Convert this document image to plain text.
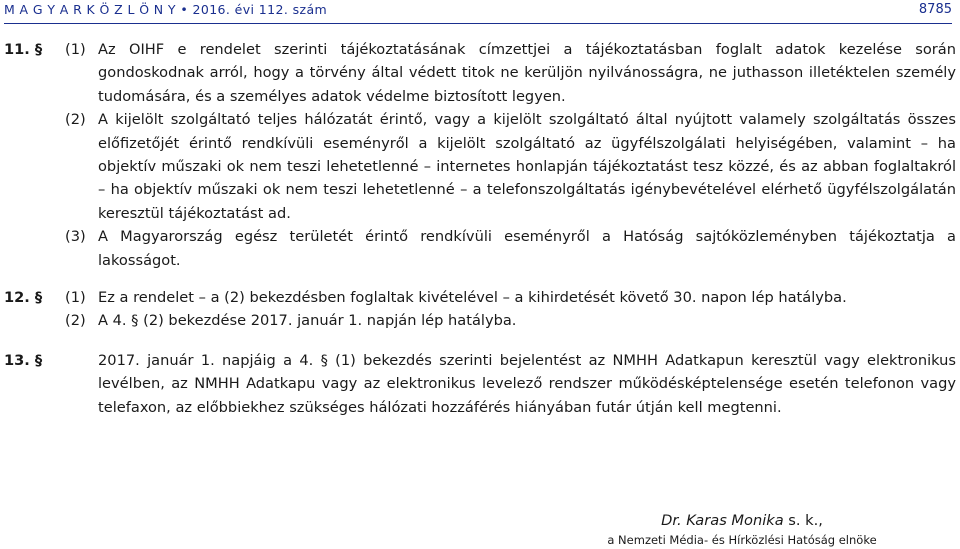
M A G Y A R K Ö Z L Ö N Y • 2016. évi 112. szám	8785
11. § (1) Az OIHF e rendelet szerinti tájékoztatásának címzettjei a tájékoztatásban foglalt adatok kezelése során gondoskodnak arról, hogy a törvény által védett titok ne kerüljön nyilvánosságra, ne juthasson illetéktelen személy tudomására, és a személyes adatok védelme biztosított legyen.
(2) A kijelölt szolgáltató teljes hálózatát érintő, vagy a kijelölt szolgáltató által nyújtott valamely szolgáltatás összes előfizetőjét érintő rendkívüli eseményről a kijelölt szolgáltató az ügyfélszolgálati helyiségében, valamint – ha objektív műszaki ok nem teszi lehetetlenné – internetes honlapján tájékoztatást tesz közzé, és az abban foglaltakról – ha objektív műszaki ok nem teszi lehetetlenné – a telefonszolgáltatás igénybevételével elérhető ügyfélszolgálatán keresztül tájékoztatást ad.
(3) A Magyarország egész területét érintő rendkívüli eseményről a Hatóság sajtóközleményben tájékoztatja a lakosságot.
12. § (1) Ez a rendelet – a (2) bekezdésben foglaltak kivételével – a kihirdetését követő 30. napon lép hatályba.
(2) A 4. § (2) bekezdése 2017. január 1. napján lép hatályba.
13. §	2017. január 1. napjáig a 4. § (1) bekezdés szerinti bejelentést az NMHH Adatkapun keresztül vagy elektronikus levélben, az NMHH Adatkapu vagy az elektronikus levelező rendszer működésképtelensége esetén telefonon vagy telefaxon, az előbbiekhez szükséges hálózati hozzáférés hiányában futár útján kell megtenni.
Dr. Karas Monika s. k.,
a Nemzeti Média- és Hírközlési Hatóság elnöke
